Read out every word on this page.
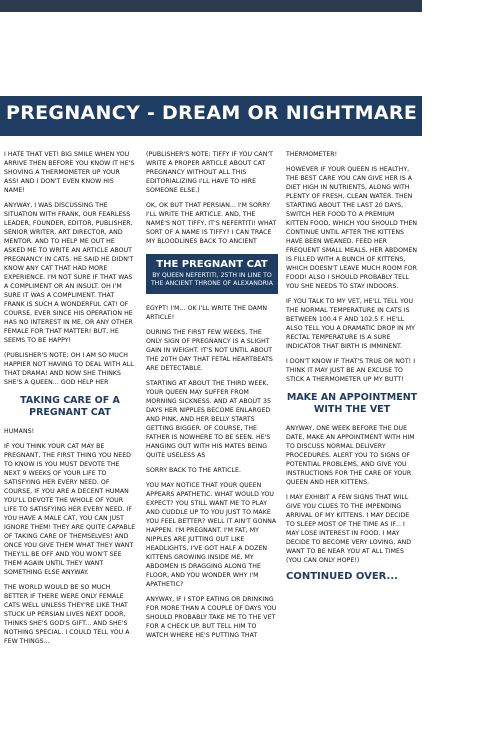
PREGNANCY - DREAM OR NIGHTMARE CONT.

I HATE THAT VET! BIG SMILE WHEN YOU ARRIVE THEN BEFORE YOU KNOW IT HE'S SHOVING A THERMOMETER UP YOUR ASS! AND I DON'T EVEN KNOW HIS NAME!

ANYWAY, I WAS DISCUSSING THE SITUATION WITH FRANK, OUR FEARLESS LEADER, FOUNDER, EDITOR, PUBLISHER, SENIOR WRITER, ART DIRECTOR, AND MENTOR. AND TO HELP ME OUT HE ASKED ME TO WRITE AN ARTICLE ABOUT PREGNANCY IN CATS. HE SAID HE DIDN'T KNOW ANY CAT THAT HAD MORE EXPERIENCE. I'M NOT SURE IF THAT WAS A COMPLIMENT OR AN INSULT. OH I'M SURE IT WAS A COMPLIMENT. THAT FRANK IS SUCH A WONDERFUL CAT! OF COURSE, EVER SINCE HIS OPERATION HE HAS NO INTEREST IN ME, OR ANY OTHER FEMALE FOR THAT MATTER! BUT, HE SEEMS TO BE HAPPY!

(PUBLISHER'S NOTE: OH I AM SO MUCH HAPPIER NOT HAVING TO DEAL WITH ALL THAT DRAMA! AND NOW SHE THINKS SHE'S A QUEEN... GOD HELP HER

TAKING CARE OF A PREGNANT CAT

HUMANS!

IF YOU THINK YOUR CAT MAY BE PREGNANT, THE FIRST THING YOU NEED TO KNOW IS YOU MUST DEVOTE THE NEXT 9 WEEKS OF YOUR LIFE TO SATISFYING HER EVERY NEED. OF COURSE, IF YOU ARE A DECENT HUMAN YOU'LL DEVOTE THE WHOLE OF YOUR LIFE TO SATISFYING HER EVERY NEED. IF YOU HAVE A MALE CAT, YOU CAN JUST IGNORE THEM! THEY ARE QUITE CAPABLE OF TAKING CARE OF THEMSELVES! AND ONCE YOU GIVE THEM WHAT THEY WANT THEY'LL BE OFF AND YOU WON'T SEE THEM AGAIN UNTIL THEY WANT SOMETHING ELSE ANYWAY.

THE WORLD WOULD BE SO MUCH BETTER IF THERE WERE ONLY FEMALE CATS WELL UNLESS THEY'RE LIKE THAT STUCK UP PERSIAN LIVES NEXT DOOR, THINKS SHE'S GOD'S GIFT... AND SHE'S NOTHING SPECIAL. I COULD TELL YOU A FEW THINGS...

(PUBLISHER'S NOTE: TIFFY IF YOU CAN'T WRITE A PROPER ARTICLE ABOUT CAT PREGNANCY WITHOUT ALL THIS EDITORIALIZING I'LL HAVE TO HIRE SOMEONE ELSE.)

OK, OK BUT THAT PERSIAN... I'M SORRY I'LL WRITE THE ARTICLE. AND, THE NAME'S NOT TIFFY, IT'S NEFERTITI! WHAT SORT OF A NAME IS TIFFY? I CAN TRACE MY BLOODLINES BACK TO ANCIENT

THE PREGNANT CAT
BY QUEEN NEFERTITI, 25TH IN LINE TO THE ANCIENT THRONE OF ALEXANDRIA

EGYPT! I'M... OK I'LL WRITE THE DAMN ARTICLE!

DURING THE FIRST FEW WEEKS, THE ONLY SIGN OF PREGNANCY IS A SLIGHT GAIN IN WEIGHT. IT'S NOT UNTIL ABOUT THE 20TH DAY THAT FETAL HEARTBEATS ARE DETECTABLE.

STARTING AT ABOUT THE THIRD WEEK, YOUR QUEEN MAY SUFFER FROM MORNING SICKNESS. AND AT ABOUT 35 DAYS HER NIPPLES BECOME ENLARGED AND PINK, AND HER BELLY STARTS GETTING BIGGER. OF COURSE, THE FATHER IS NOWHERE TO BE SEEN. HE'S HANGING OUT WITH HIS MATES BEING QUITE USELESS AS

SORRY BACK TO THE ARTICLE.

YOU MAY NOTICE THAT YOUR QUEEN APPEARS APATHETIC. WHAT WOULD YOU EXPECT? YOU STILL WANT ME TO PLAY AND CUDDLE UP TO YOU JUST TO MAKE YOU FEEL BETTER? WELL IT AIN'T GONNA HAPPEN. I'M PREGNANT. I'M FAT, MY NIPPLES ARE JUTTING OUT LIKE HEADLIGHTS, I'VE GOT HALF A DOZEN KITTENS GROWING INSIDE ME, MY ABDOMEN IS DRAGGING ALONG THE FLOOR, AND YOU WONDER WHY I'M APATHETIC?

ANYWAY, IF I STOP EATING OR DRINKING FOR MORE THAN A COUPLE OF DAYS YOU SHOULD PROBABLY TAKE ME TO THE VET FOR A CHECK UP. BUT TELL HIM TO WATCH WHERE HE'S PUTTING THAT

THERMOMETER!

HOWEVER IF YOUR QUEEN IS HEALTHY, THE BEST CARE YOU CAN GIVE HER IS A DIET HIGH IN NUTRIENTS, ALONG WITH PLENTY OF FRESH, CLEAN WATER. THEN STARTING ABOUT THE LAST 20 DAYS, SWITCH HER FOOD TO A PREMIUM KITTEN FOOD, WHICH YOU SHOULD THEN CONTINUE UNTIL AFTER THE KITTENS HAVE BEEN WEANED. FEED HER FREQUENT SMALL MEALS. HER ABDOMEN IS FILLED WITH A BUNCH OF KITTENS, WHICH DOESN'T LEAVE MUCH ROOM FOR FOOD! ALSO I SHOULD PROBABLY TELL YOU SHE NEEDS TO STAY INDOORS.

IF YOU TALK TO MY VET, HE'LL TELL YOU THE NORMAL TEMPERATURE IN CATS IS BETWEEN 100.4 F AND 102.5 F. HE'LL ALSO TELL YOU A DRAMATIC DROP IN MY RECTAL TEMPERATURE IS A SURE INDICATOR THAT BIRTH IS IMMINENT.

I DON'T KNOW IF THAT'S TRUE OR NOT! I THINK IT MAY JUST BE AN EXCUSE TO STICK A THERMOMETER UP MY BUTT!

MAKE AN APPOINTMENT WITH THE VET

ANYWAY, ONE WEEK BEFORE THE DUE DATE, MAKE AN APPOINTMENT WITH HIM TO DISCUSS NORMAL DELIVERY PROCEDURES. ALERT YOU TO SIGNS OF POTENTIAL PROBLEMS, AND GIVE YOU INSTRUCTIONS FOR THE CARE OF YOUR QUEEN AND HER KITTENS.

I MAY EXHIBIT A FEW SIGNS THAT WILL GIVE YOU CLUES TO THE IMPENDING ARRIVAL OF MY KITTENS. I MAY DECIDE TO SLEEP MOST OF THE TIME AS IF... I MAY LOSE INTEREST IN FOOD. I MAY DECIDE TO BECOME VERY LOVING, AND WANT TO BE NEAR YOU AT ALL TIMES (YOU CAN ONLY HOPE!)

CONTINUED OVER...
